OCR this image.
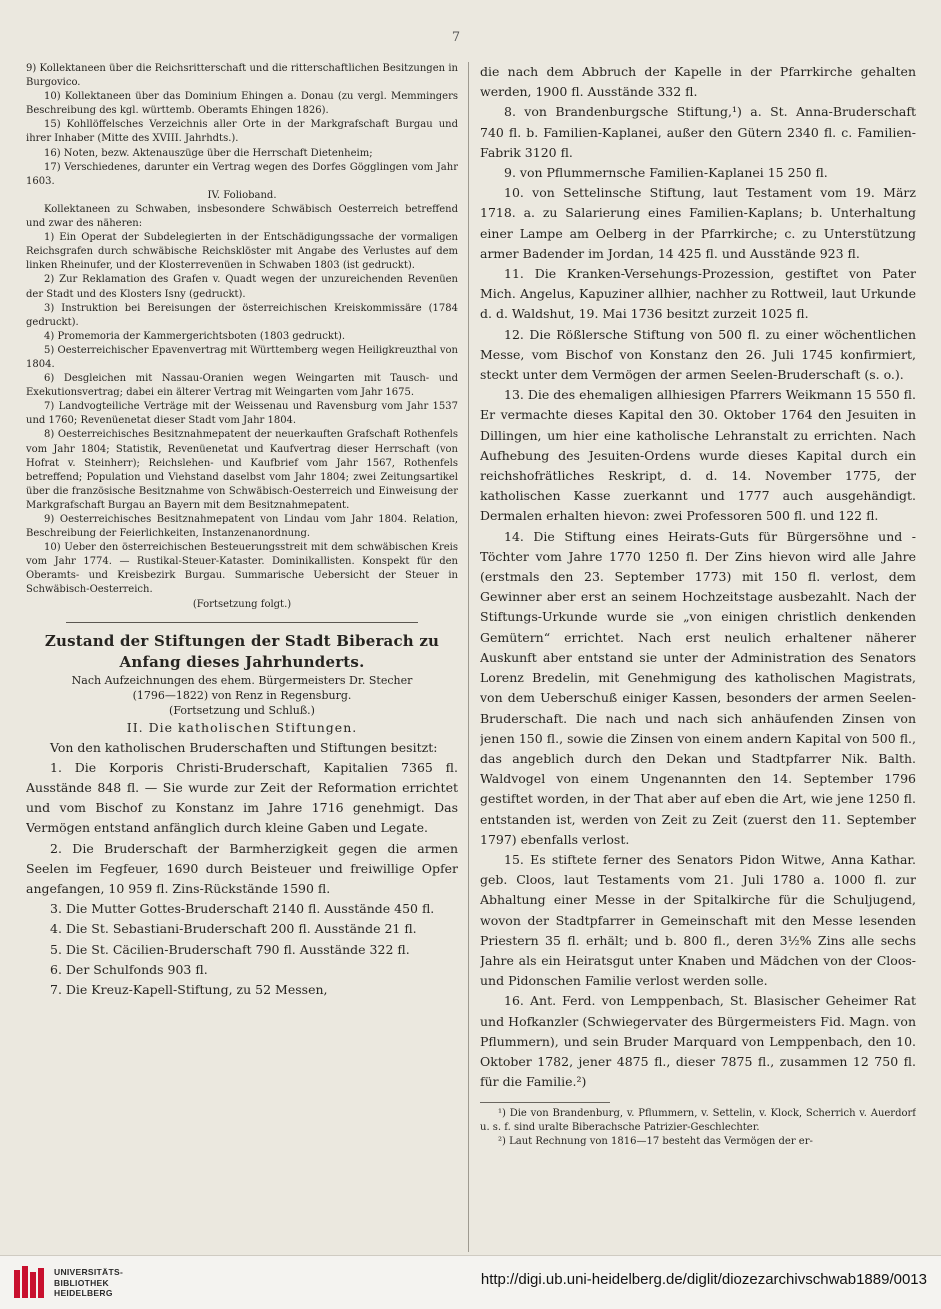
7

9) Kollektaneen über die Reichsritterschaft und die ritterschaftlichen Besitzungen in Burgovico.

10) Kollektaneen über das Dominium Ehingen a. Donau (zu vergl. Memmingers Beschreibung des kgl. württemb. Oberamts Ehingen 1826).

15) Kohllöffelsches Verzeichnis aller Orte in der Markgrafschaft Burgau und ihrer Inhaber (Mitte des XVIII. Jahrhdts.).

16) Noten, bezw. Aktenauszüge über die Herrschaft Dietenheim;

17) Verschiedenes, darunter ein Vertrag wegen des Dorfes Gögglingen vom Jahr 1603.

IV. Folioband.

Kollektaneen zu Schwaben, insbesondere Schwäbisch Oesterreich betreffend und zwar des näheren:

1) Ein Operat der Subdelegierten in der Entschädigungssache der vormaligen Reichsgrafen durch schwäbische Reichsklöster mit Angabe des Verlustes auf dem linken Rheinufer, und der Klosterrevenüen in Schwaben 1803 (ist gedruckt).

2) Zur Reklamation des Grafen v. Quadt wegen der unzureichenden Revenüen der Stadt und des Klosters Isny (gedruckt).

3) Instruktion bei Bereisungen der österreichischen Kreiskommissäre (1784 gedruckt).

4) Promemoria der Kammergerichtsboten (1803 gedruckt).

5) Oesterreichischer Epavenvertrag mit Württemberg wegen Heiligkreuzthal von 1804.

6) Desgleichen mit Nassau-Oranien wegen Weingarten mit Tausch- und Exekutionsvertrag; dabei ein älterer Vertrag mit Weingarten vom Jahr 1675.

7) Landvogteiliche Verträge mit der Weissenau und Ravensburg vom Jahr 1537 und 1760; Revenüenetat dieser Stadt vom Jahr 1804.

8) Oesterreichisches Besitznahmepatent der neuerkauften Grafschaft Rothenfels vom Jahr 1804; Statistik, Revenüenetat und Kaufvertrag dieser Herrschaft (von Hofrat v. Steinherr); Reichslehen- und Kaufbrief vom Jahr 1567, Rothenfels betreffend; Population und Viehstand daselbst vom Jahr 1804; zwei Zeitungsartikel über die französische Besitznahme von Schwäbisch-Oesterreich und Einweisung der Markgrafschaft Burgau an Bayern mit dem Besitznahmepatent.

9) Oesterreichisches Besitznahmepatent von Lindau vom Jahr 1804. Relation, Beschreibung der Feierlichkeiten, Instanzenanordnung.

10) Ueber den österreichischen Besteuerungsstreit mit dem schwäbischen Kreis vom Jahr 1774. — Rustikal-Steuer-Kataster. Dominikallisten. Konspekt für den Oberamts- und Kreisbezirk Burgau. Summarische Uebersicht der Steuer in Schwäbisch-Oesterreich.

(Fortsetzung folgt.)

Zustand der Stiftungen der Stadt Biberach zu Anfang dieses Jahrhunderts.
Nach Aufzeichnungen des ehem. Bürgermeisters Dr. Stecher
(1796—1822) von Renz in Regensburg.
(Fortsetzung und Schluß.)
II. Die katholischen Stiftungen.

Von den katholischen Bruderschaften und Stiftungen besitzt:

1. Die Korporis Christi-Bruderschaft, Kapitalien 7365 fl. Ausstände 848 fl. — Sie wurde zur Zeit der Reformation errichtet und vom Bischof zu Konstanz im Jahre 1716 genehmigt. Das Vermögen entstand anfänglich durch kleine Gaben und Legate.

2. Die Bruderschaft der Barmherzigkeit gegen die armen Seelen im Fegfeuer, 1690 durch Beisteuer und freiwillige Opfer angefangen, 10 959 fl. Zins-Rückstände 1590 fl.

3. Die Mutter Gottes-Bruderschaft 2140 fl. Ausstände 450 fl.

4. Die St. Sebastiani-Bruderschaft 200 fl. Ausstände 21 fl.

5. Die St. Cäcilien-Bruderschaft 790 fl. Ausstände 322 fl.

6. Der Schulfonds 903 fl.

7. Die Kreuz-Kapell-Stiftung, zu 52 Messen,

die nach dem Abbruch der Kapelle in der Pfarrkirche gehalten werden, 1900 fl. Ausstände 332 fl.

8. von Brandenburgsche Stiftung,¹) a. St. Anna-Bruderschaft 740 fl. b. Familien-Kaplanei, außer den Gütern 2340 fl. c. Familien-Fabrik 3120 fl.

9. von Pflummernsche Familien-Kaplanei 15 250 fl.

10. von Settelinsche Stiftung, laut Testament vom 19. März 1718. a. zu Salarierung eines Familien-Kaplans; b. Unterhaltung einer Lampe am Oelberg in der Pfarrkirche; c. zu Unterstützung armer Badender im Jordan, 14 425 fl. und Ausstände 923 fl.

11. Die Kranken-Versehungs-Prozession, gestiftet von Pater Mich. Angelus, Kapuziner allhier, nachher zu Rottweil, laut Urkunde d. d. Waldshut, 19. Mai 1736 besitzt zurzeit 1025 fl.

12. Die Rößlersche Stiftung von 500 fl. zu einer wöchentlichen Messe, vom Bischof von Konstanz den 26. Juli 1745 konfirmiert, steckt unter dem Vermögen der armen Seelen-Bruderschaft (s. o.).

13. Die des ehemaligen allhiesigen Pfarrers Weikmann 15 550 fl. Er vermachte dieses Kapital den 30. Oktober 1764 den Jesuiten in Dillingen, um hier eine katholische Lehranstalt zu errichten. Nach Aufhebung des Jesuiten-Ordens wurde dieses Kapital durch ein reichshofrätliches Reskript, d. d. 14. November 1775, der katholischen Kasse zuerkannt und 1777 auch ausgehändigt. Dermalen erhalten hievon: zwei Professoren 500 fl. und 122 fl.

14. Die Stiftung eines Heirats-Guts für Bürgersöhne und -Töchter vom Jahre 1770 1250 fl. Der Zins hievon wird alle Jahre (erstmals den 23. September 1773) mit 150 fl. verlost, dem Gewinner aber erst an seinem Hochzeitstage ausbezahlt. Nach der Stiftungs-Urkunde wurde sie „von einigen christlich denkenden Gemütern“ errichtet. Nach erst neulich erhaltener näherer Auskunft aber entstand sie unter der Administration des Senators Lorenz Bredelin, mit Genehmigung des katholischen Magistrats, von dem Ueberschuß einiger Kassen, besonders der armen Seelen-Bruderschaft. Die nach und nach sich anhäufenden Zinsen von jenen 150 fl., sowie die Zinsen von einem andern Kapital von 500 fl., das angeblich durch den Dekan und Stadtpfarrer Nik. Balth. Waldvogel von einem Ungenannten den 14. September 1796 gestiftet worden, in der That aber auf eben die Art, wie jene 1250 fl. entstanden ist, werden von Zeit zu Zeit (zuerst den 11. September 1797) ebenfalls verlost.

15. Es stiftete ferner des Senators Pidon Witwe, Anna Kathar. geb. Cloos, laut Testaments vom 21. Juli 1780 a. 1000 fl. zur Abhaltung einer Messe in der Spitalkirche für die Schuljugend, wovon der Stadtpfarrer in Gemeinschaft mit den Messe lesenden Priestern 35 fl. erhält; und b. 800 fl., deren 3½% Zins alle sechs Jahre als ein Heiratsgut unter Knaben und Mädchen von der Cloos- und Pidonschen Familie verlost werden solle.

16. Ant. Ferd. von Lemppenbach, St. Blasischer Geheimer Rat und Hofkanzler (Schwiegervater des Bürgermeisters Fid. Magn. von Pflummern), und sein Bruder Marquard von Lemppenbach, den 10. Oktober 1782, jener 4875 fl., dieser 7875 fl., zusammen 12 750 fl. für die Familie.²)

¹) Die von Brandenburg, v. Pflummern, v. Settelin, v. Klock, Scherrich v. Auerdorf u. s. f. sind uralte Biberachsche Patrizier-Geschlechter.

²) Laut Rechnung von 1816—17 besteht das Vermögen der er-

UNIVERSITÄTS-
BIBLIOTHEK
HEIDELBERG
http://digi.ub.uni-heidelberg.de/diglit/diozezarchivschwab1889/0013
